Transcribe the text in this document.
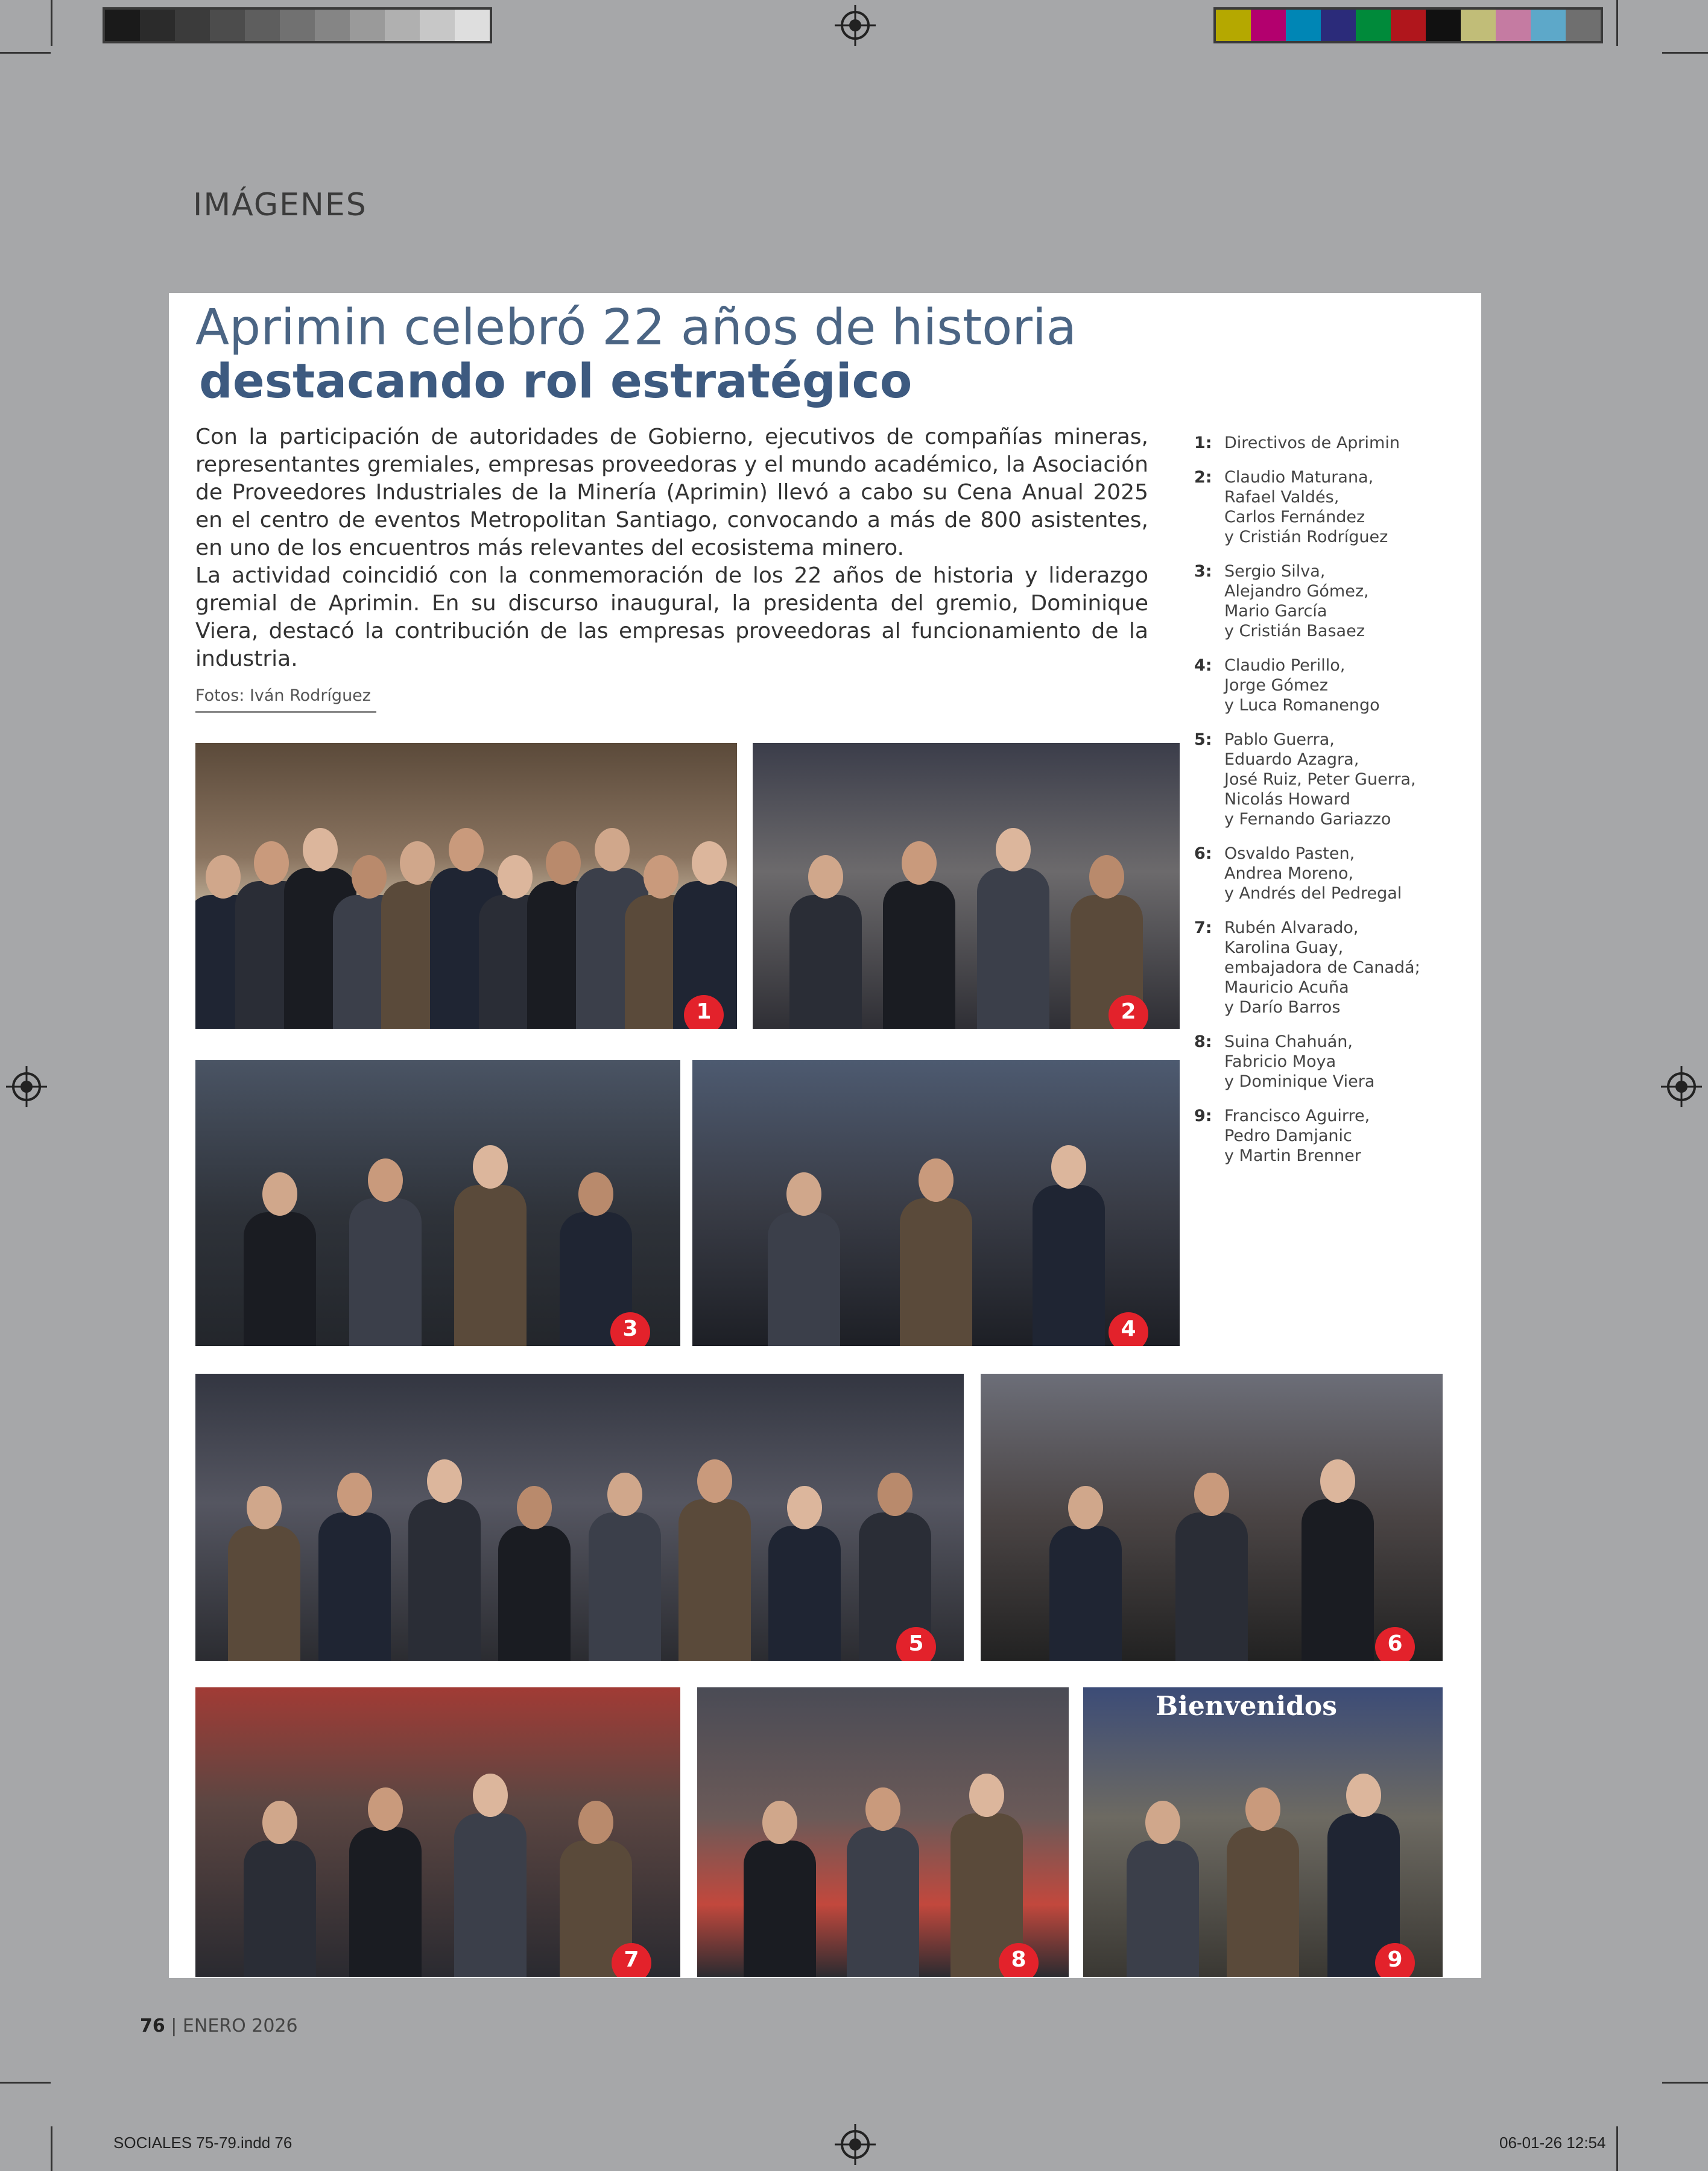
IMÁGENES
Aprimin celebró 22 años de historia
destacando rol estratégico

Con la participación de autoridades de Gobierno, ejecutivos de compañías mineras, representantes gremiales, empresas proveedoras y el mundo académico, la Asociación de Proveedores Industriales de la Minería (Aprimin) llevó a cabo su Cena Anual 2025 en el centro de eventos Metropolitan Santiago, convocando a más de 800 asistentes, en uno de los encuentros más relevantes del ecosistema minero.

La actividad coincidió con la conmemoración de los 22 años de historia y liderazgo gremial de Aprimin. En su discurso inaugural, la presidenta del gremio, Dominique Viera, destacó la contribución de las empresas proveedoras al funcionamiento de la industria.

Fotos: Iván Rodríguez
1: Directivos de Aprimin
2: Claudio Maturana,
Rafael Valdés,
Carlos Fernández
y Cristián Rodríguez
3: Sergio Silva,
Alejandro Gómez,
Mario García
y Cristián Basaez
4: Claudio Perillo,
Jorge Gómez
y Luca Romanengo
5: Pablo Guerra,
Eduardo Azagra,
José Ruiz, Peter Guerra,
Nicolás Howard
y Fernando Gariazzo
6: Osvaldo Pasten,
Andrea Moreno,
y Andrés del Pedregal
7: Rubén Alvarado,
Karolina Guay,
embajadora de Canadá;
Mauricio Acuña
y Darío Barros
8: Suina Chahuán,
Fabricio Moya
y Dominique Viera
9: Francisco Aguirre,
Pedro Damjanic
y Martin Brenner
1	2
3	4
5	6
7	8
Bienvenidos
9
76 | ENERO 2026
SOCIALES 75-79.indd 76	06-01-26 12:54
